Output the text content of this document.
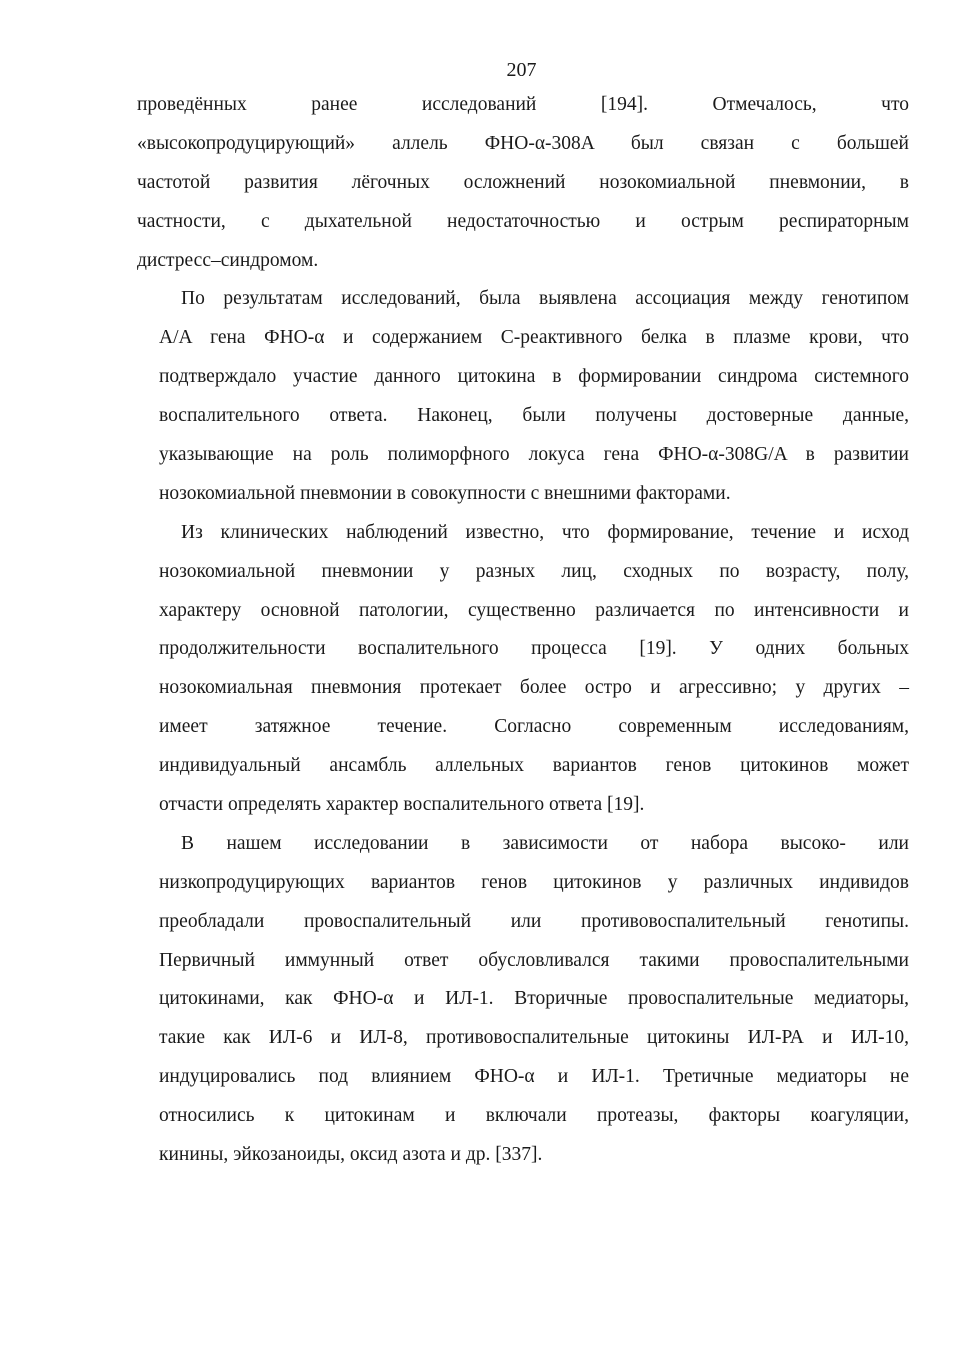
207
проведённых ранее исследований [194]. Отмечалось, что
«высокопродуцирующий» аллель ФНО-α-308A был связан с большей
частотой развития лёгочных осложнений нозокомиальной пневмонии, в
частности, с дыхательной недостаточностью и острым респираторным
дистресс–синдромом.
По результатам исследований, была выявлена ассоциация между генотипом
A/A гена ФНО-α и содержанием С-реактивного белка в плазме крови, что
подтверждало участие данного цитокина в формировании синдрома системного
воспалительного ответа. Наконец, были получены достоверные данные,
указывающие на роль полиморфного локуса гена ФНО-α-308G/A в развитии
нозокомиальной пневмонии в совокупности с внешними факторами.
Из клинических наблюдений известно, что формирование, течение и исход
нозокомиальной пневмонии у разных лиц, сходных по возрасту, полу,
характеру основной патологии, существенно различается по интенсивности и
продолжительности воспалительного процесса [19]. У одних больных
нозокомиальная пневмония протекает более остро и агрессивно; у других –
имеет затяжное течение. Согласно современным исследованиям,
индивидуальный ансамбль аллельных вариантов генов цитокинов может
отчасти определять характер воспалительного ответа [19].
В нашем исследовании в зависимости от набора высоко- или
низкопродуцирующих вариантов генов цитокинов у различных индивидов
преобладали провоспалительный или противовоспалительный генотипы.
Первичный иммунный ответ обусловливался такими провоспалительными
цитокинами, как ФНО-α и ИЛ-1. Вторичные провоспалительные медиаторы,
такие как ИЛ-6 и ИЛ-8, противовоспалительные цитокины ИЛ-РА и ИЛ-10,
индуцировались под влиянием ФНО-α и ИЛ-1. Третичные медиаторы не
относились к цитокинам и включали протеазы, факторы коагуляции,
кинины, эйкозаноиды, оксид азота и др. [337].
